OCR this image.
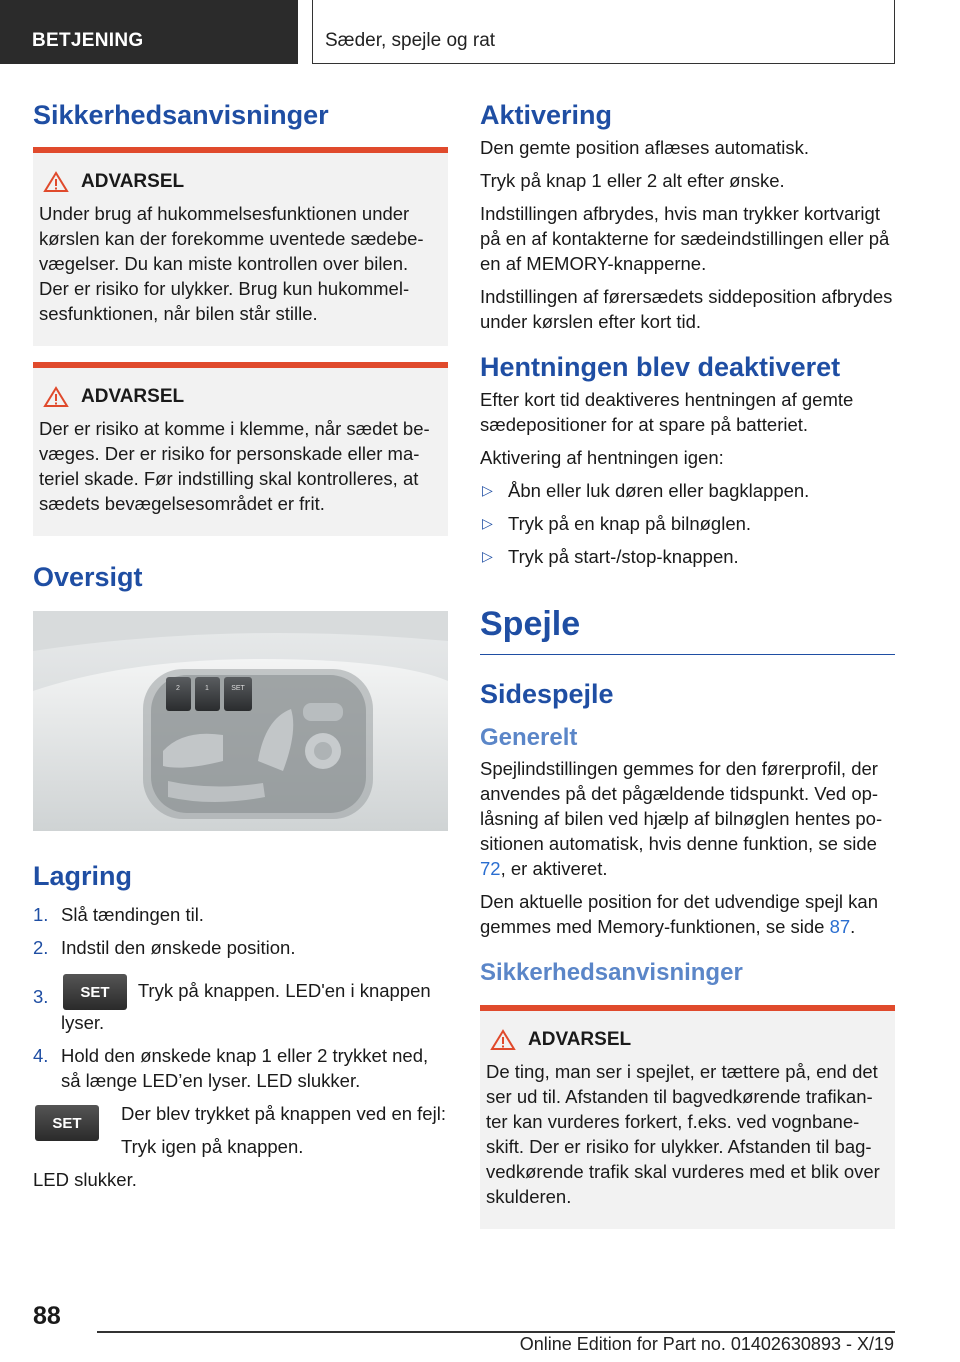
BETJENING	Sæder, spejle og rat
Sikkerhedsanvisninger
ADVARSEL

Under brug af hukommelsesfunktionen under kørslen kan der forekomme uventede sædebevægelser. Du kan miste kontrollen over bilen. Der er risiko for ulykker. Brug kun hukommelsesfunktionen, når bilen står stille.

ADVARSEL

Der er risiko at komme i klemme, når sædet bevæges. Der er risiko for personskade eller materiel skade. Før indstilling skal kontrolleres, at sædets bevægelsesområdet er frit.

Oversigt
2	1	SET
Lagring
1. Slå tændingen til.
2. Indstil den ønskede position.
3. SET Tryk på knappen. LED'en i knappen lyser.
4. Hold den ønskede knap 1 eller 2 trykket ned, så længe LED’en lyser. LED slukker.
SET	Der blev trykket på knappen ved en fejl:

Tryk igen på knappen.

LED slukker.

Aktivering

Den gemte position aflæses automatisk.

Tryk på knap 1 eller 2 alt efter ønske.

Indstillingen afbrydes, hvis man trykker kortvarigt på en af kontakterne for sædeindstillingen eller på en af MEMORY-knapperne.

Indstillingen af førersædets siddeposition afbrydes under kørslen efter kort tid.

Hentningen blev deaktiveret

Efter kort tid deaktiveres hentningen af gemte sædepositioner for at spare på batteriet.

Aktivering af hentningen igen:

▷ Åbn eller luk døren eller bagklappen.
▷ Tryk på en knap på bilnøglen.
▷ Tryk på start-/stop-knappen.
Spejle
Sidespejle
Generelt

Spejlindstillingen gemmes for den førerprofil, der anvendes på det pågældende tidspunkt. Ved oplåsning af bilen ved hjælp af bilnøglen hentes positionen automatisk, hvis denne funktion, se side 72, er aktiveret.

Den aktuelle position for det udvendige spejl kan gemmes med Memory-funktionen, se side 87.

Sikkerhedsanvisninger
ADVARSEL

De ting, man ser i spejlet, er tættere på, end det ser ud til. Afstanden til bagvedkørende trafikanter kan vurderes forkert, f.eks. ved vognbaneskift. Der er risiko for ulykker. Afstanden til bagvedkørende trafik skal vurderes med et blik over skulderen.

88
Online Edition for Part no. 01402630893 - X/19
